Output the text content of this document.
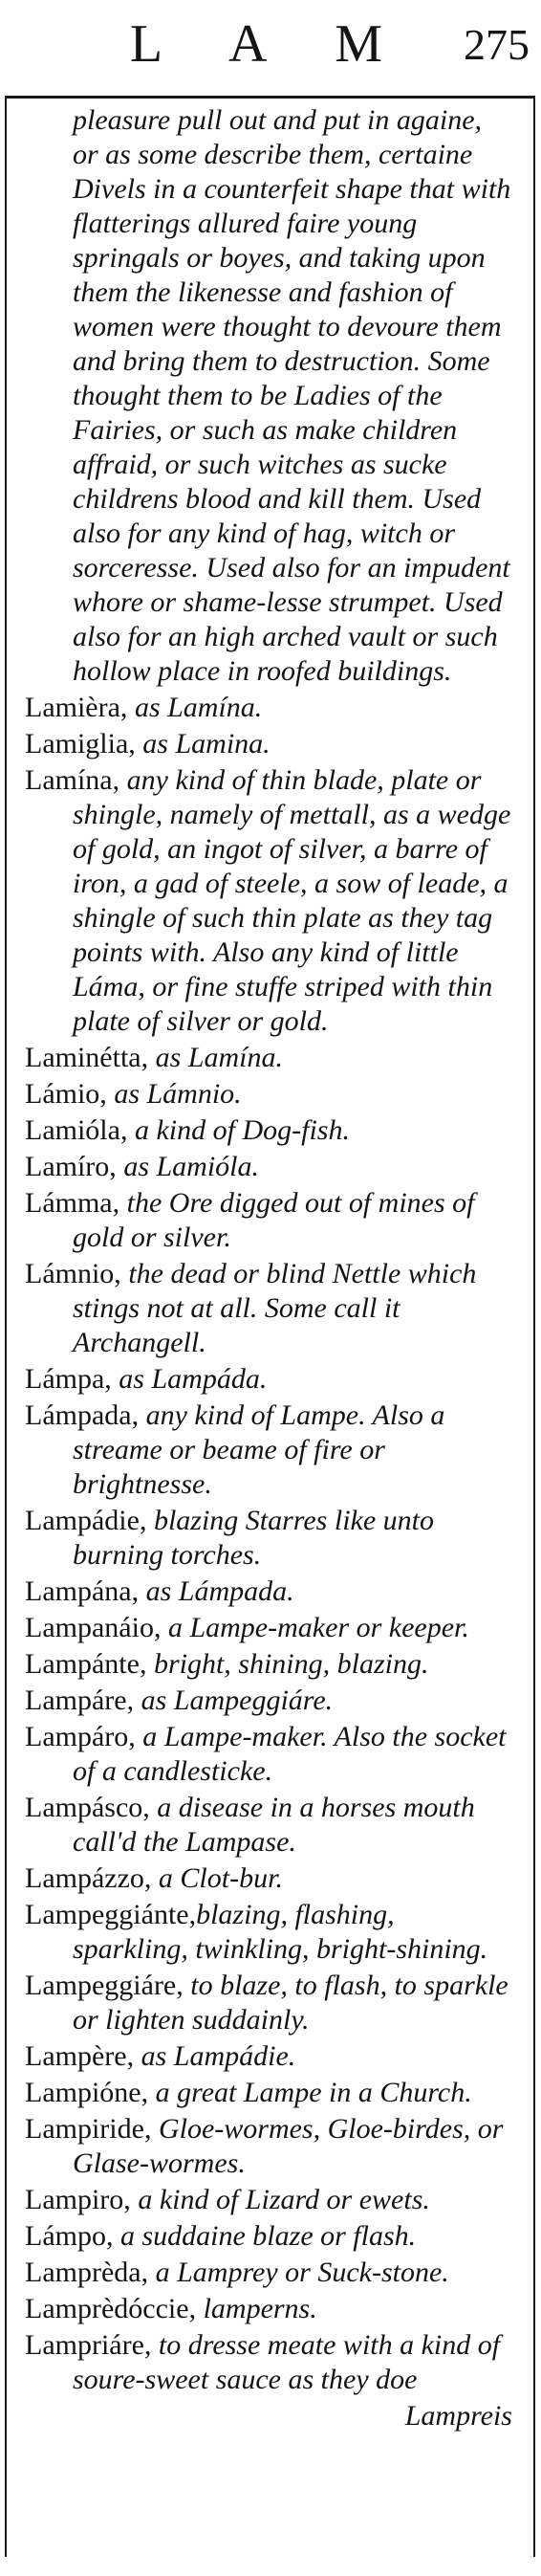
L A M	275
pleasure pull out and put in againe, or as some describe them, certaine Divels in a counterfeit shape that with flatterings allured faire young springals or boyes, and taking upon them the likenesse and fashion of women were thought to devoure them and bring them to destruction. Some thought them to be Ladies of the Fairies, or such as make children affraid, or such witches as sucke childrens blood and kill them. Used also for any kind of hag, witch or sorceresse. Used also for an impudent whore or shame-lesse strumpet. Used also for an high arched vault or such hollow place in roofed buildings.
Lamièra, as Lamína.
Lamiglia, as Lamina.
Lamína, any kind of thin blade, plate or shingle, namely of mettall, as a wedge of gold, an ingot of silver, a barre of iron, a gad of steele, a sow of leade, a shingle of such thin plate as they tag points with. Also any kind of little Láma, or fine stuffe striped with thin plate of silver or gold.
Laminétta, as Lamína.
Lámio, as Lámnio.
Lamióla, a kind of Dog-fish.
Lamíro, as Lamióla.
Lámma, the Ore digged out of mines of gold or silver.
Lámnio, the dead or blind Nettle which stings not at all. Some call it Archangell.
Lámpa, as Lampáda.
Lámpada, any kind of Lampe. Also a streame or beame of fire or brightnesse.
Lampádie, blazing Starres like unto burning torches.
Lampána, as Lámpada.
Lampanáio, a Lampe-maker or keeper.
Lampánte, bright, shining, blazing.
Lampáre, as Lampeggiáre.
Lampáro, a Lampe-maker. Also the socket of a candlesticke.
Lampásco, a disease in a horses mouth call'd the Lampase.
Lampázzo, a Clot-bur.
Lampeggiánte,blazing, flashing, sparkling, twinkling, bright-shining.
Lampeggiáre, to blaze, to flash, to sparkle or lighten suddainly.
Lampère, as Lampádie.
Lampióne, a great Lampe in a Church.
Lampiride, Gloe-wormes, Gloe-birdes, or Glase-wormes.
Lampiro, a kind of Lizard or ewets.
Lámpo, a suddaine blaze or flash.
Lamprèda, a Lamprey or Suck-stone.
Lamprèdóccie, lamperns.
Lampriáre, to dresse meate with a kind of soure-sweet sauce as they doe
Lampreis
